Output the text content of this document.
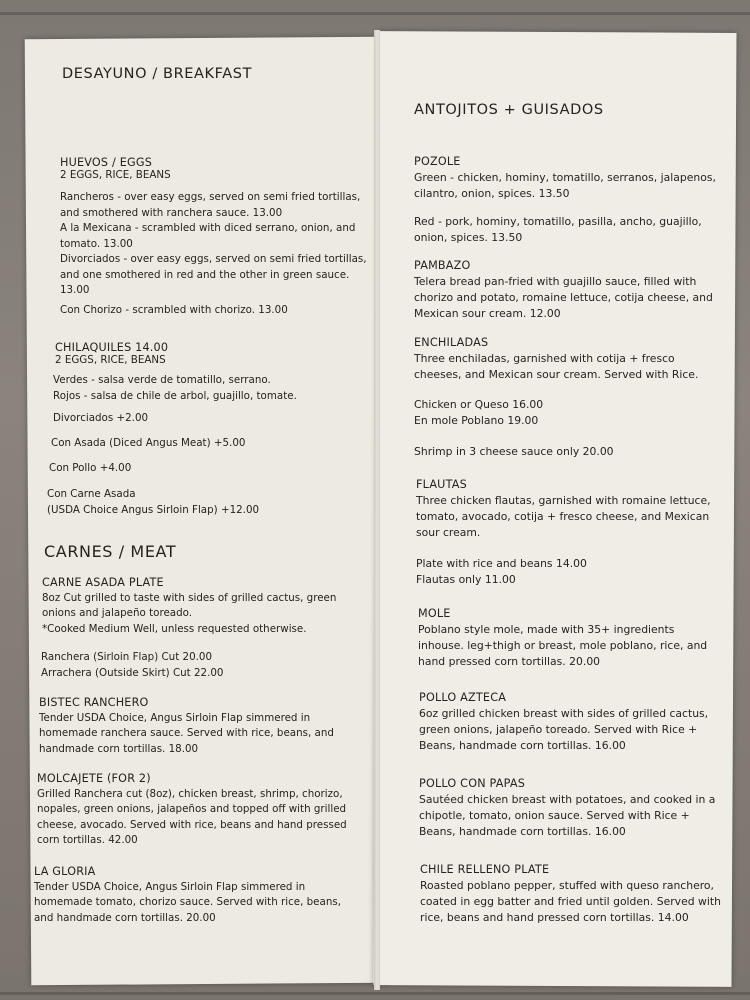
DESAYUNO / BREAKFAST
HUEVOS / EGGS
2 EGGS, RICE, BEANS
Rancheros - over easy eggs, served on semi fried tortillas,
and smothered with ranchera sauce. 13.00
A la Mexicana - scrambled with diced serrano, onion, and
tomato. 13.00
Divorciados - over easy eggs, served on semi fried tortillas,
and one smothered in red and the other in green sauce.
13.00
Con Chorizo - scrambled with chorizo. 13.00
CHILAQUILES 14.00
2 EGGS, RICE, BEANS
Verdes - salsa verde de tomatillo, serrano.
Rojos - salsa de chile de arbol, guajillo, tomate.
Divorciados +2.00
Con Asada (Diced Angus Meat) +5.00
Con Pollo +4.00
Con Carne Asada
(USDA Choice Angus Sirloin Flap) +12.00
CARNES / MEAT
CARNE ASADA PLATE
8oz Cut grilled to taste with sides of grilled cactus, green
onions and jalapeño toreado.
*Cooked Medium Well, unless requested otherwise.
Ranchera (Sirloin Flap) Cut 20.00
Arrachera (Outside Skirt) Cut 22.00
BISTEC RANCHERO
Tender USDA Choice, Angus Sirloin Flap simmered in
homemade ranchera sauce. Served with rice, beans, and
handmade corn tortillas. 18.00
MOLCAJETE (FOR 2)
Grilled Ranchera cut (8oz), chicken breast, shrimp, chorizo,
nopales, green onions, jalapeños and topped off with grilled
cheese, avocado. Served with rice, beans and hand pressed
corn tortillas. 42.00
LA GLORIA
Tender USDA Choice, Angus Sirloin Flap simmered in
homemade tomato, chorizo sauce. Served with rice, beans,
and handmade corn tortillas. 20.00
ANTOJITOS + GUISADOS
POZOLE
Green - chicken, hominy, tomatillo, serranos, jalapenos,
cilantro, onion, spices. 13.50
Red - pork, hominy, tomatillo, pasilla, ancho, guajillo,
onion, spices. 13.50
PAMBAZO
Telera bread pan-fried with guajillo sauce, filled with
chorizo and potato, romaine lettuce, cotija cheese, and
Mexican sour cream. 12.00
ENCHILADAS
Three enchiladas, garnished with cotija + fresco
cheeses, and Mexican sour cream. Served with Rice.
Chicken or Queso 16.00
En mole Poblano 19.00
Shrimp in 3 cheese sauce only 20.00
FLAUTAS
Three chicken flautas, garnished with romaine lettuce,
tomato, avocado, cotija + fresco cheese, and Mexican
sour cream.
Plate with rice and beans 14.00
Flautas only 11.00
MOLE
Poblano style mole, made with 35+ ingredients
inhouse. leg+thigh or breast, mole poblano, rice, and
hand pressed corn tortillas. 20.00
POLLO AZTECA
6oz grilled chicken breast with sides of grilled cactus,
green onions, jalapeño toreado. Served with Rice +
Beans, handmade corn tortillas. 16.00
POLLO CON PAPAS
Sautéed chicken breast with potatoes, and cooked in a
chipotle, tomato, onion sauce. Served with Rice +
Beans, handmade corn tortillas. 16.00
CHILE RELLENO PLATE
Roasted poblano pepper, stuffed with queso ranchero,
coated in egg batter and fried until golden. Served with
rice, beans and hand pressed corn tortillas. 14.00
